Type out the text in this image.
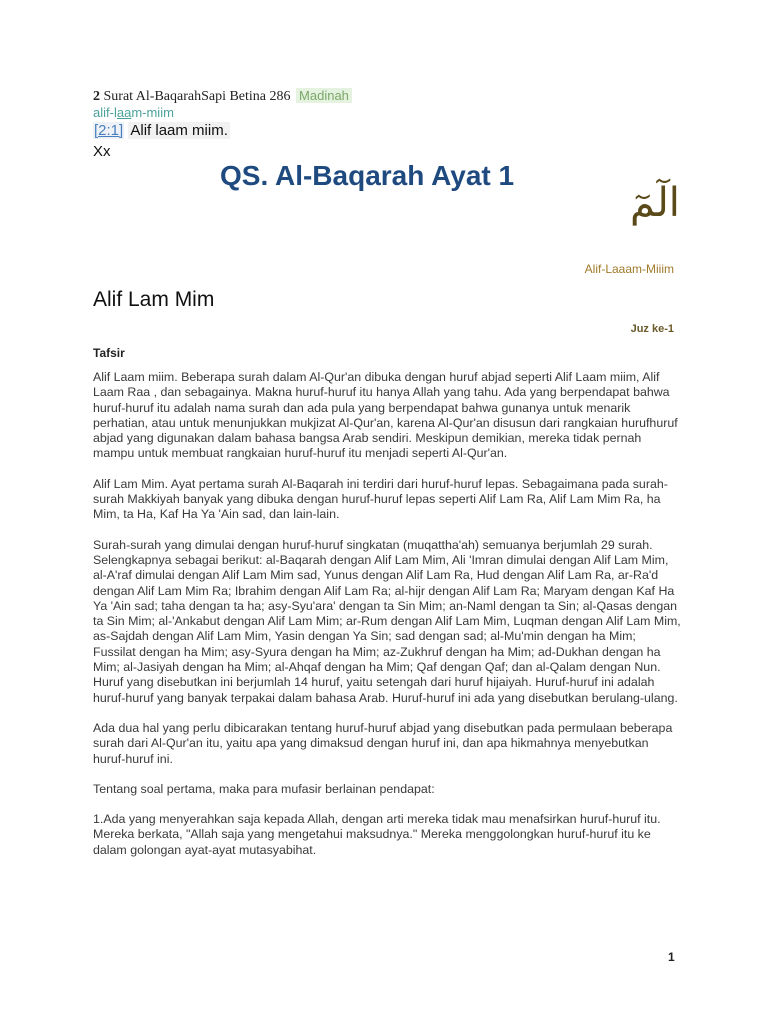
2 Surat Al-BaqarahSapi Betina 286 Madinah
alif-laam-miim
[2:1] Alif laam miim.
Xx
QS. Al-Baqarah Ayat 1
الٓمٓ
Alif-Laaam-Miiim
Alif Lam Mim
Juz ke-1
Tafsir

Alif Laam miim. Beberapa surah dalam Al-Qur'an dibuka dengan huruf abjad seperti Alif Laam miim, Alif Laam Raa , dan sebagainya. Makna huruf-huruf itu hanya Allah yang tahu. Ada yang berpendapat bahwa huruf-huruf itu adalah nama surah dan ada pula yang berpendapat bahwa gunanya untuk menarik perhatian, atau untuk menunjukkan mukjizat Al-Qur'an, karena Al-Qur'an disusun dari rangkaian hurufhuruf abjad yang digunakan dalam bahasa bangsa Arab sendiri. Meskipun demikian, mereka tidak pernah mampu untuk membuat rangkaian huruf-huruf itu menjadi seperti Al-Qur'an.

Alif Lam Mim. Ayat pertama surah Al-Baqarah ini terdiri dari huruf-huruf lepas. Sebagaimana pada surah-surah Makkiyah banyak yang dibuka dengan huruf-huruf lepas seperti Alif Lam Ra, Alif Lam Mim Ra, ha Mim, ta Ha, Kaf Ha Ya 'Ain sad, dan lain-lain.

Surah-surah yang dimulai dengan huruf-huruf singkatan (muqattha'ah) semuanya berjumlah 29 surah. Selengkapnya sebagai berikut: al-Baqarah dengan Alif Lam Mim, Ali 'Imran dimulai dengan Alif Lam Mim, al-A'raf dimulai dengan Alif Lam Mim sad, Yunus dengan Alif Lam Ra, Hud dengan Alif Lam Ra, ar-Ra'd dengan Alif Lam Mim Ra; Ibrahim dengan Alif Lam Ra; al-hijr dengan Alif Lam Ra; Maryam dengan Kaf Ha Ya 'Ain sad; taha dengan ta ha; asy-Syu'ara' dengan ta Sin Mim; an-Naml dengan ta Sin; al-Qasas dengan ta Sin Mim; al-'Ankabut dengan Alif Lam Mim; ar-Rum dengan Alif Lam Mim, Luqman dengan Alif Lam Mim, as-Sajdah dengan Alif Lam Mim, Yasin dengan Ya Sin; sad dengan sad; al-Mu'min dengan ha Mim; Fussilat dengan ha Mim; asy-Syura dengan ha Mim; az-Zukhruf dengan ha Mim; ad-Dukhan dengan ha Mim; al-Jasiyah dengan ha Mim; al-Ahqaf dengan ha Mim; Qaf dengan Qaf; dan al-Qalam dengan Nun. Huruf yang disebutkan ini berjumlah 14 huruf, yaitu setengah dari huruf hijaiyah. Huruf-huruf ini adalah huruf-huruf yang banyak terpakai dalam bahasa Arab. Huruf-huruf ini ada yang disebutkan berulang-ulang.

Ada dua hal yang perlu dibicarakan tentang huruf-huruf abjad yang disebutkan pada permulaan beberapa surah dari Al-Qur'an itu, yaitu apa yang dimaksud dengan huruf ini, dan apa hikmahnya menyebutkan huruf-huruf ini.

Tentang soal pertama, maka para mufasir berlainan pendapat:

1.Ada yang menyerahkan saja kepada Allah, dengan arti mereka tidak mau menafsirkan huruf-huruf itu. Mereka berkata, "Allah saja yang mengetahui maksudnya." Mereka menggolongkan huruf-huruf itu ke dalam golongan ayat-ayat mutasyabihat.

1
